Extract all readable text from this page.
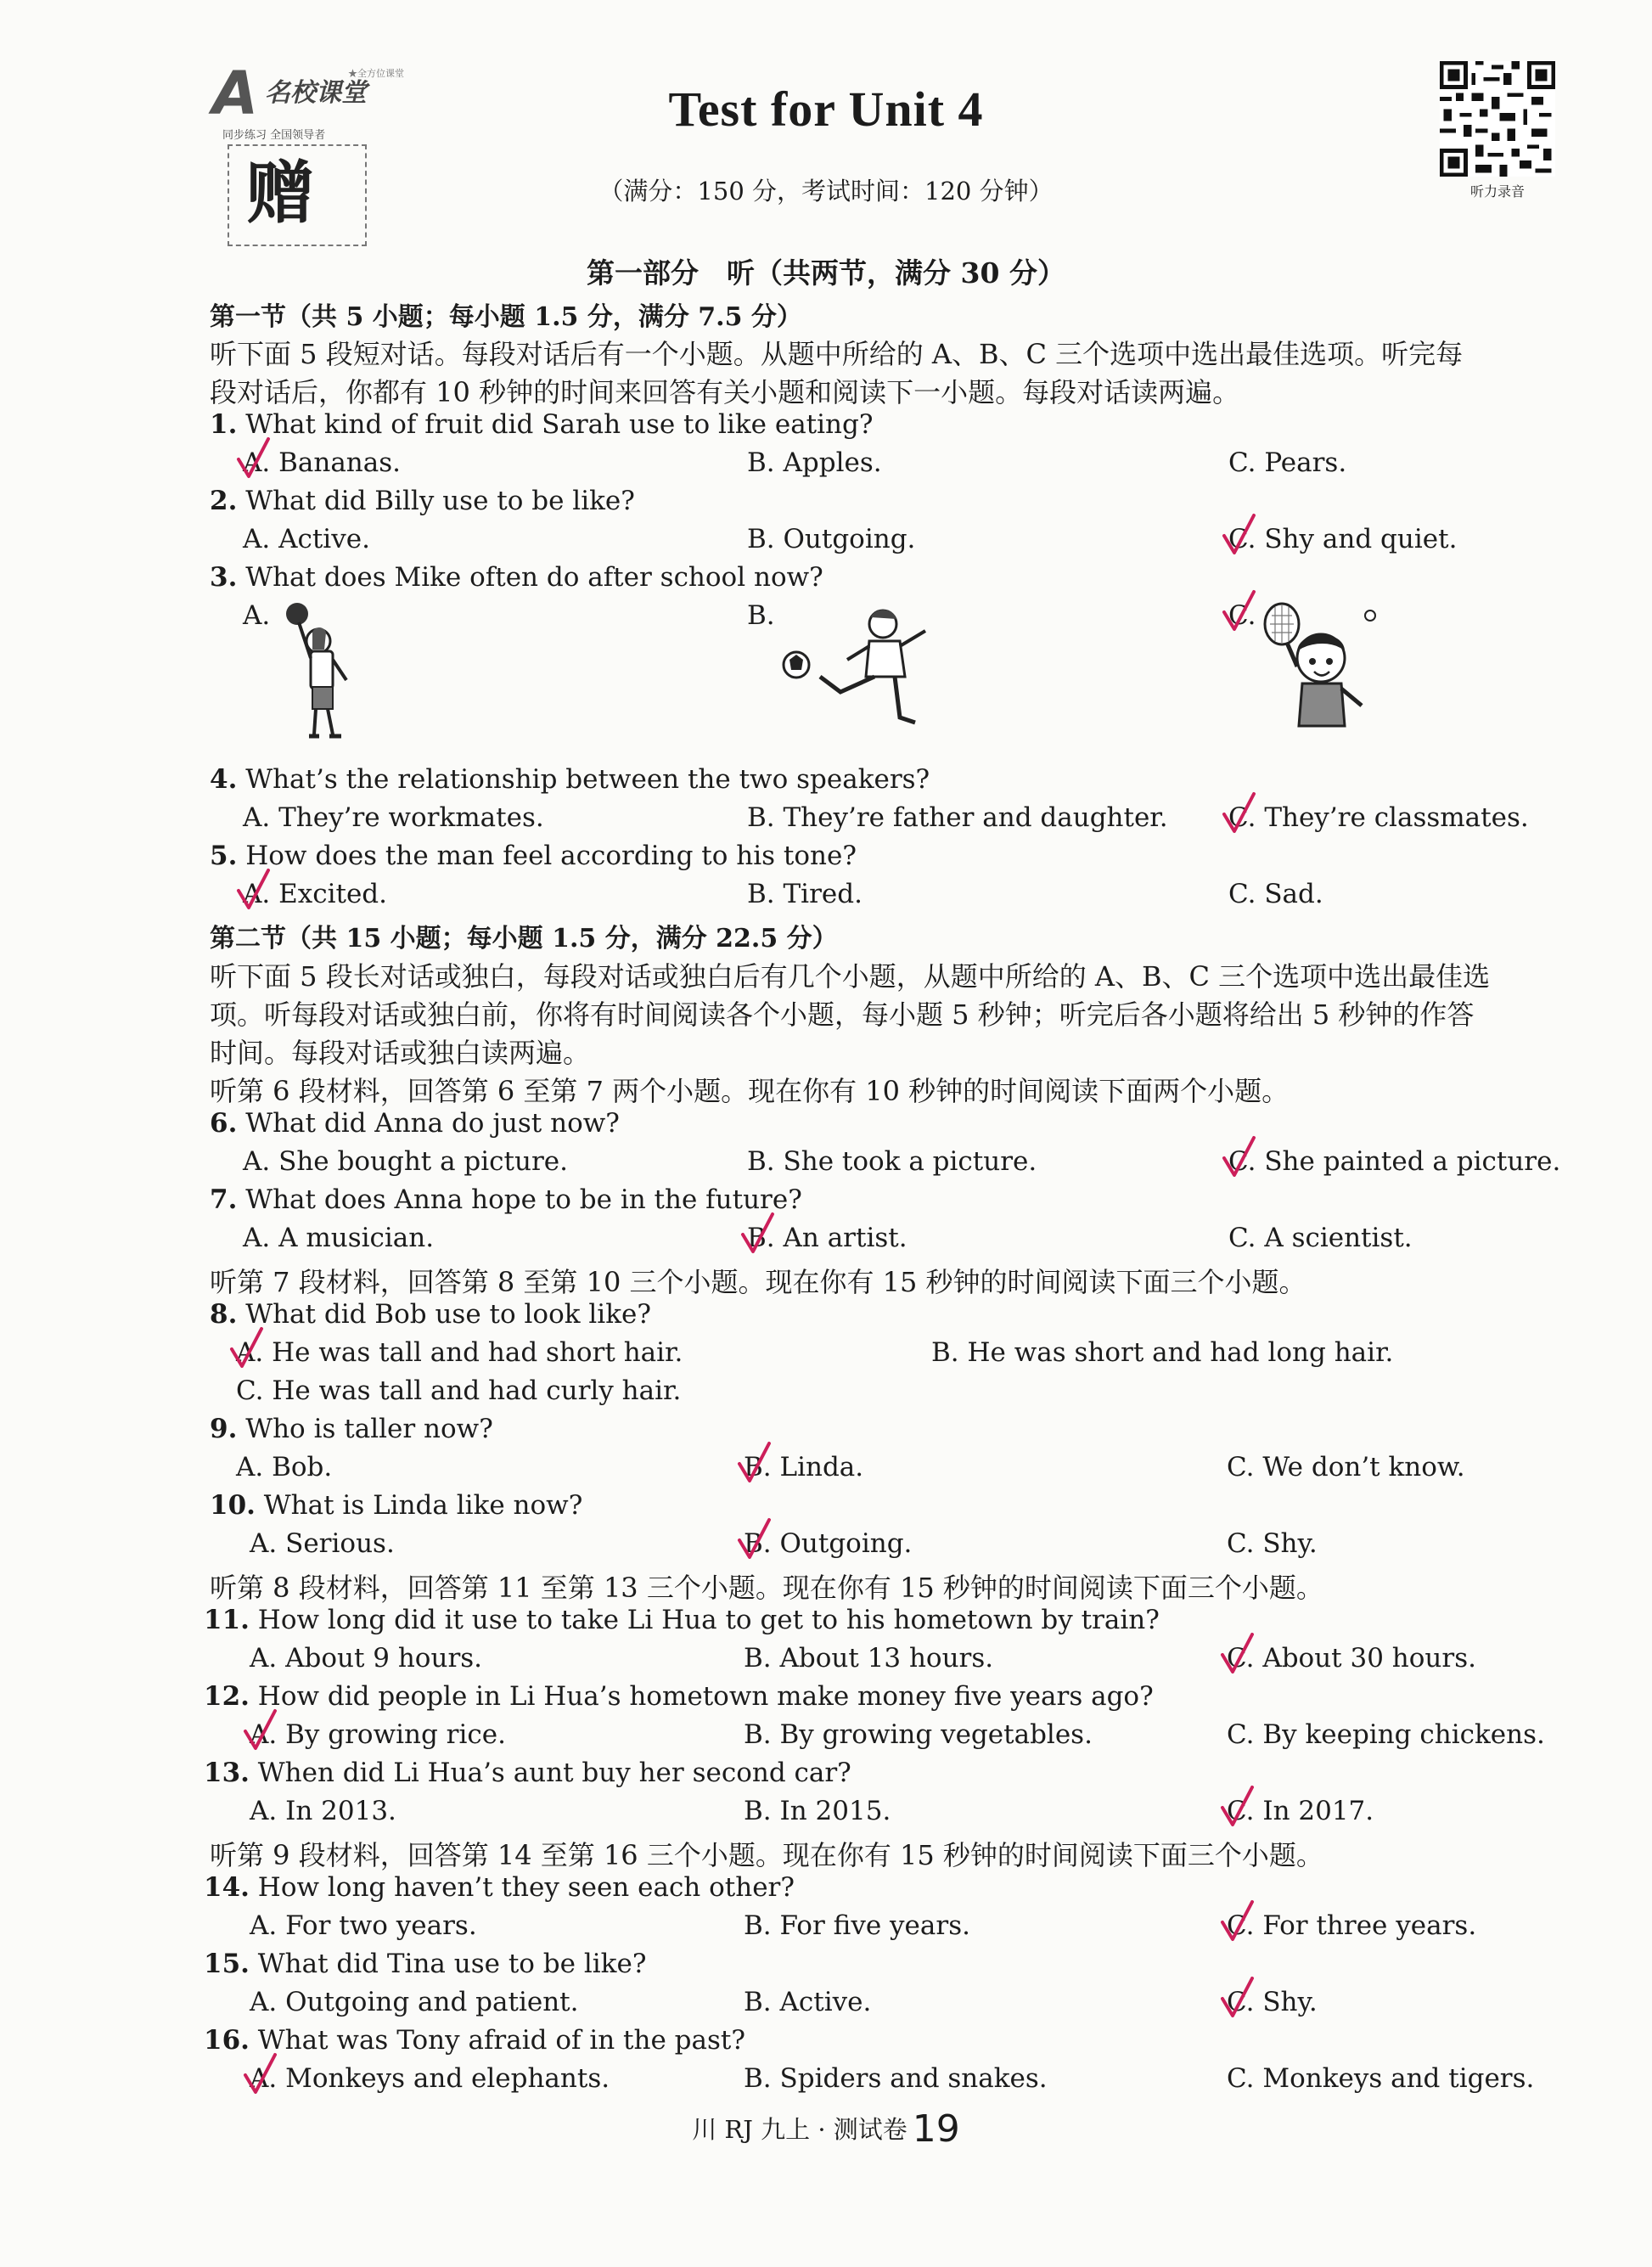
A 名校课堂
★全方位课堂
同步练习 全国领导者
赠
Test for Unit 4
（满分：150 分，考试时间：120 分钟）	听力录音
第一部分　听（共两节，满分 30 分）
第一节（共 5 小题；每小题 1.5 分，满分 7.5 分）
听下面 5 段短对话。每段对话后有一个小题。从题中所给的 A、B、C 三个选项中选出最佳选项。听完每
段对话后，你都有 10 秒钟的时间来回答有关小题和阅读下一小题。每段对话读两遍。
1. What kind of fruit did Sarah use to like eating?
A. Bananas.	B. Apples.	C. Pears.
2. What did Billy use to be like?
A. Active.	B. Outgoing.	C. Shy and quiet.
3. What does Mike often do after school now?
A.	B.	C.
4. What’s the relationship between the two speakers?
A. They’re workmates.	B. They’re father and daughter. C. They’re classmates.
5. How does the man feel according to his tone?
A. Excited.	B. Tired.	C. Sad.
第二节（共 15 小题；每小题 1.5 分，满分 22.5 分）
听下面 5 段长对话或独白，每段对话或独白后有几个小题，从题中所给的 A、B、C 三个选项中选出最佳选
项。听每段对话或独白前，你将有时间阅读各个小题，每小题 5 秒钟；听完后各小题将给出 5 秒钟的作答
时间。每段对话或独白读两遍。
听第 6 段材料，回答第 6 至第 7 两个小题。现在你有 10 秒钟的时间阅读下面两个小题。
6. What did Anna do just now?
A. She bought a picture.	B. She took a picture.	C. She painted a picture.
7. What does Anna hope to be in the future?
A. A musician.	B. An artist.	C. A scientist.
听第 7 段材料，回答第 8 至第 10 三个小题。现在你有 15 秒钟的时间阅读下面三个小题。
8. What did Bob use to look like?
A. He was tall and had short hair.	B. He was short and had long hair.
C. He was tall and had curly hair.
9. Who is taller now?
A. Bob.	B. Linda.	C. We don’t know.
10. What is Linda like now?
A. Serious.	B. Outgoing.	C. Shy.
听第 8 段材料，回答第 11 至第 13 三个小题。现在你有 15 秒钟的时间阅读下面三个小题。
11. How long did it use to take Li Hua to get to his hometown by train?
A. About 9 hours.	B. About 13 hours.	C. About 30 hours.
12. How did people in Li Hua’s hometown make money five years ago?
A. By growing rice.	B. By growing vegetables.	C. By keeping chickens.
13. When did Li Hua’s aunt buy her second car?
A. In 2013.	B. In 2015.	C. In 2017.
听第 9 段材料，回答第 14 至第 16 三个小题。现在你有 15 秒钟的时间阅读下面三个小题。
14. How long haven’t they seen each other?
A. For two years.	B. For five years.	C. For three years.
15. What did Tina use to be like?
A. Outgoing and patient.	B. Active.	C. Shy.
16. What was Tony afraid of in the past?
A. Monkeys and elephants.	B. Spiders and snakes.	C. Monkeys and tigers.
川 RJ 九上 · 测试卷 19
